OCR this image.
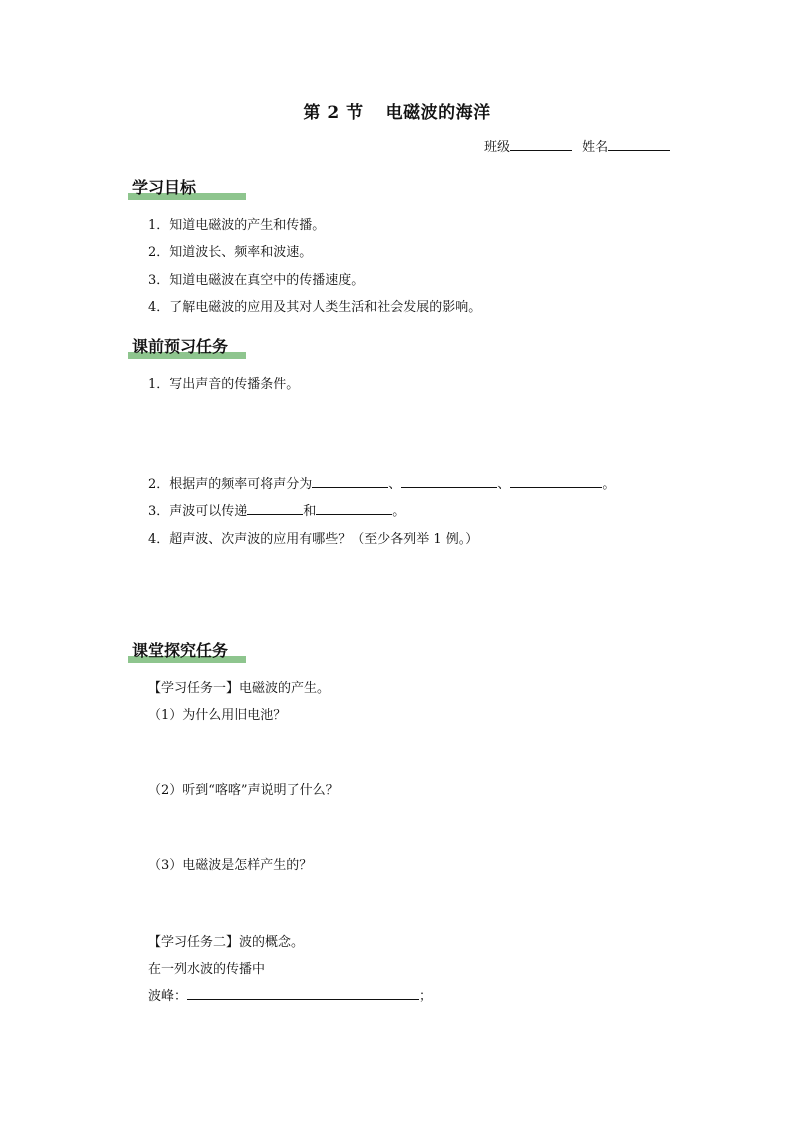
第 2 节 电磁波的海洋
班级	姓名
学习目标
1．知道电磁波的产生和传播。
2．知道波长、频率和波速。
3．知道电磁波在真空中的传播速度。
4．了解电磁波的应用及其对人类生活和社会发展的影响。
课前预习任务
1．写出声音的传播条件。
2．根据声的频率可将声分为	、	、	。
3．声波可以传递	和	。
4．超声波、次声波的应用有哪些？（至少各列举 1 例。）
课堂探究任务
【学习任务一】电磁波的产生。
（1）为什么用旧电池？
（2）听到“喀喀”声说明了什么？
（3）电磁波是怎样产生的？
【学习任务二】波的概念。
在一列水波的传播中
波峰：	；
